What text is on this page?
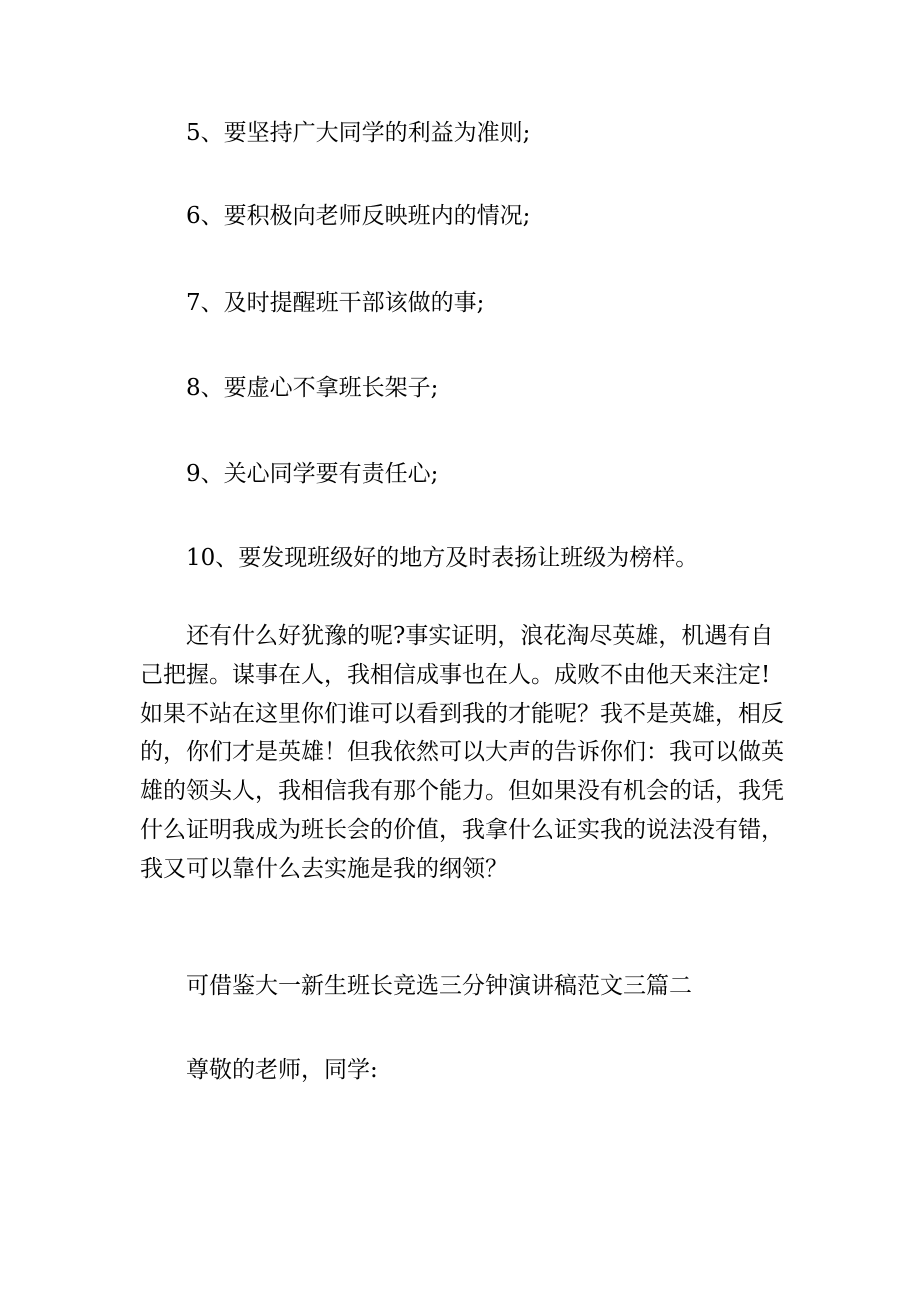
5、要坚持广大同学的利益为准则;

6、要积极向老师反映班内的情况;

7、及时提醒班干部该做的事;

8、要虚心不拿班长架子;

9、关心同学要有责任心;

10、要发现班级好的地方及时表扬让班级为榜样。

还有什么好犹豫的呢?事实证明，浪花淘尽英雄，机遇有自
己把握。谋事在人，我相信成事也在人。成败不由他天来注定!
如果不站在这里你们谁可以看到我的才能呢？我不是英雄，相反
的，你们才是英雄！但我依然可以大声的告诉你们：我可以做英
雄的领头人，我相信我有那个能力。但如果没有机会的话，我凭
什么证明我成为班长会的价值，我拿什么证实我的说法没有错，
我又可以靠什么去实施是我的纲领？

可借鉴大一新生班长竞选三分钟演讲稿范文三篇二

尊敬的老师，同学:
